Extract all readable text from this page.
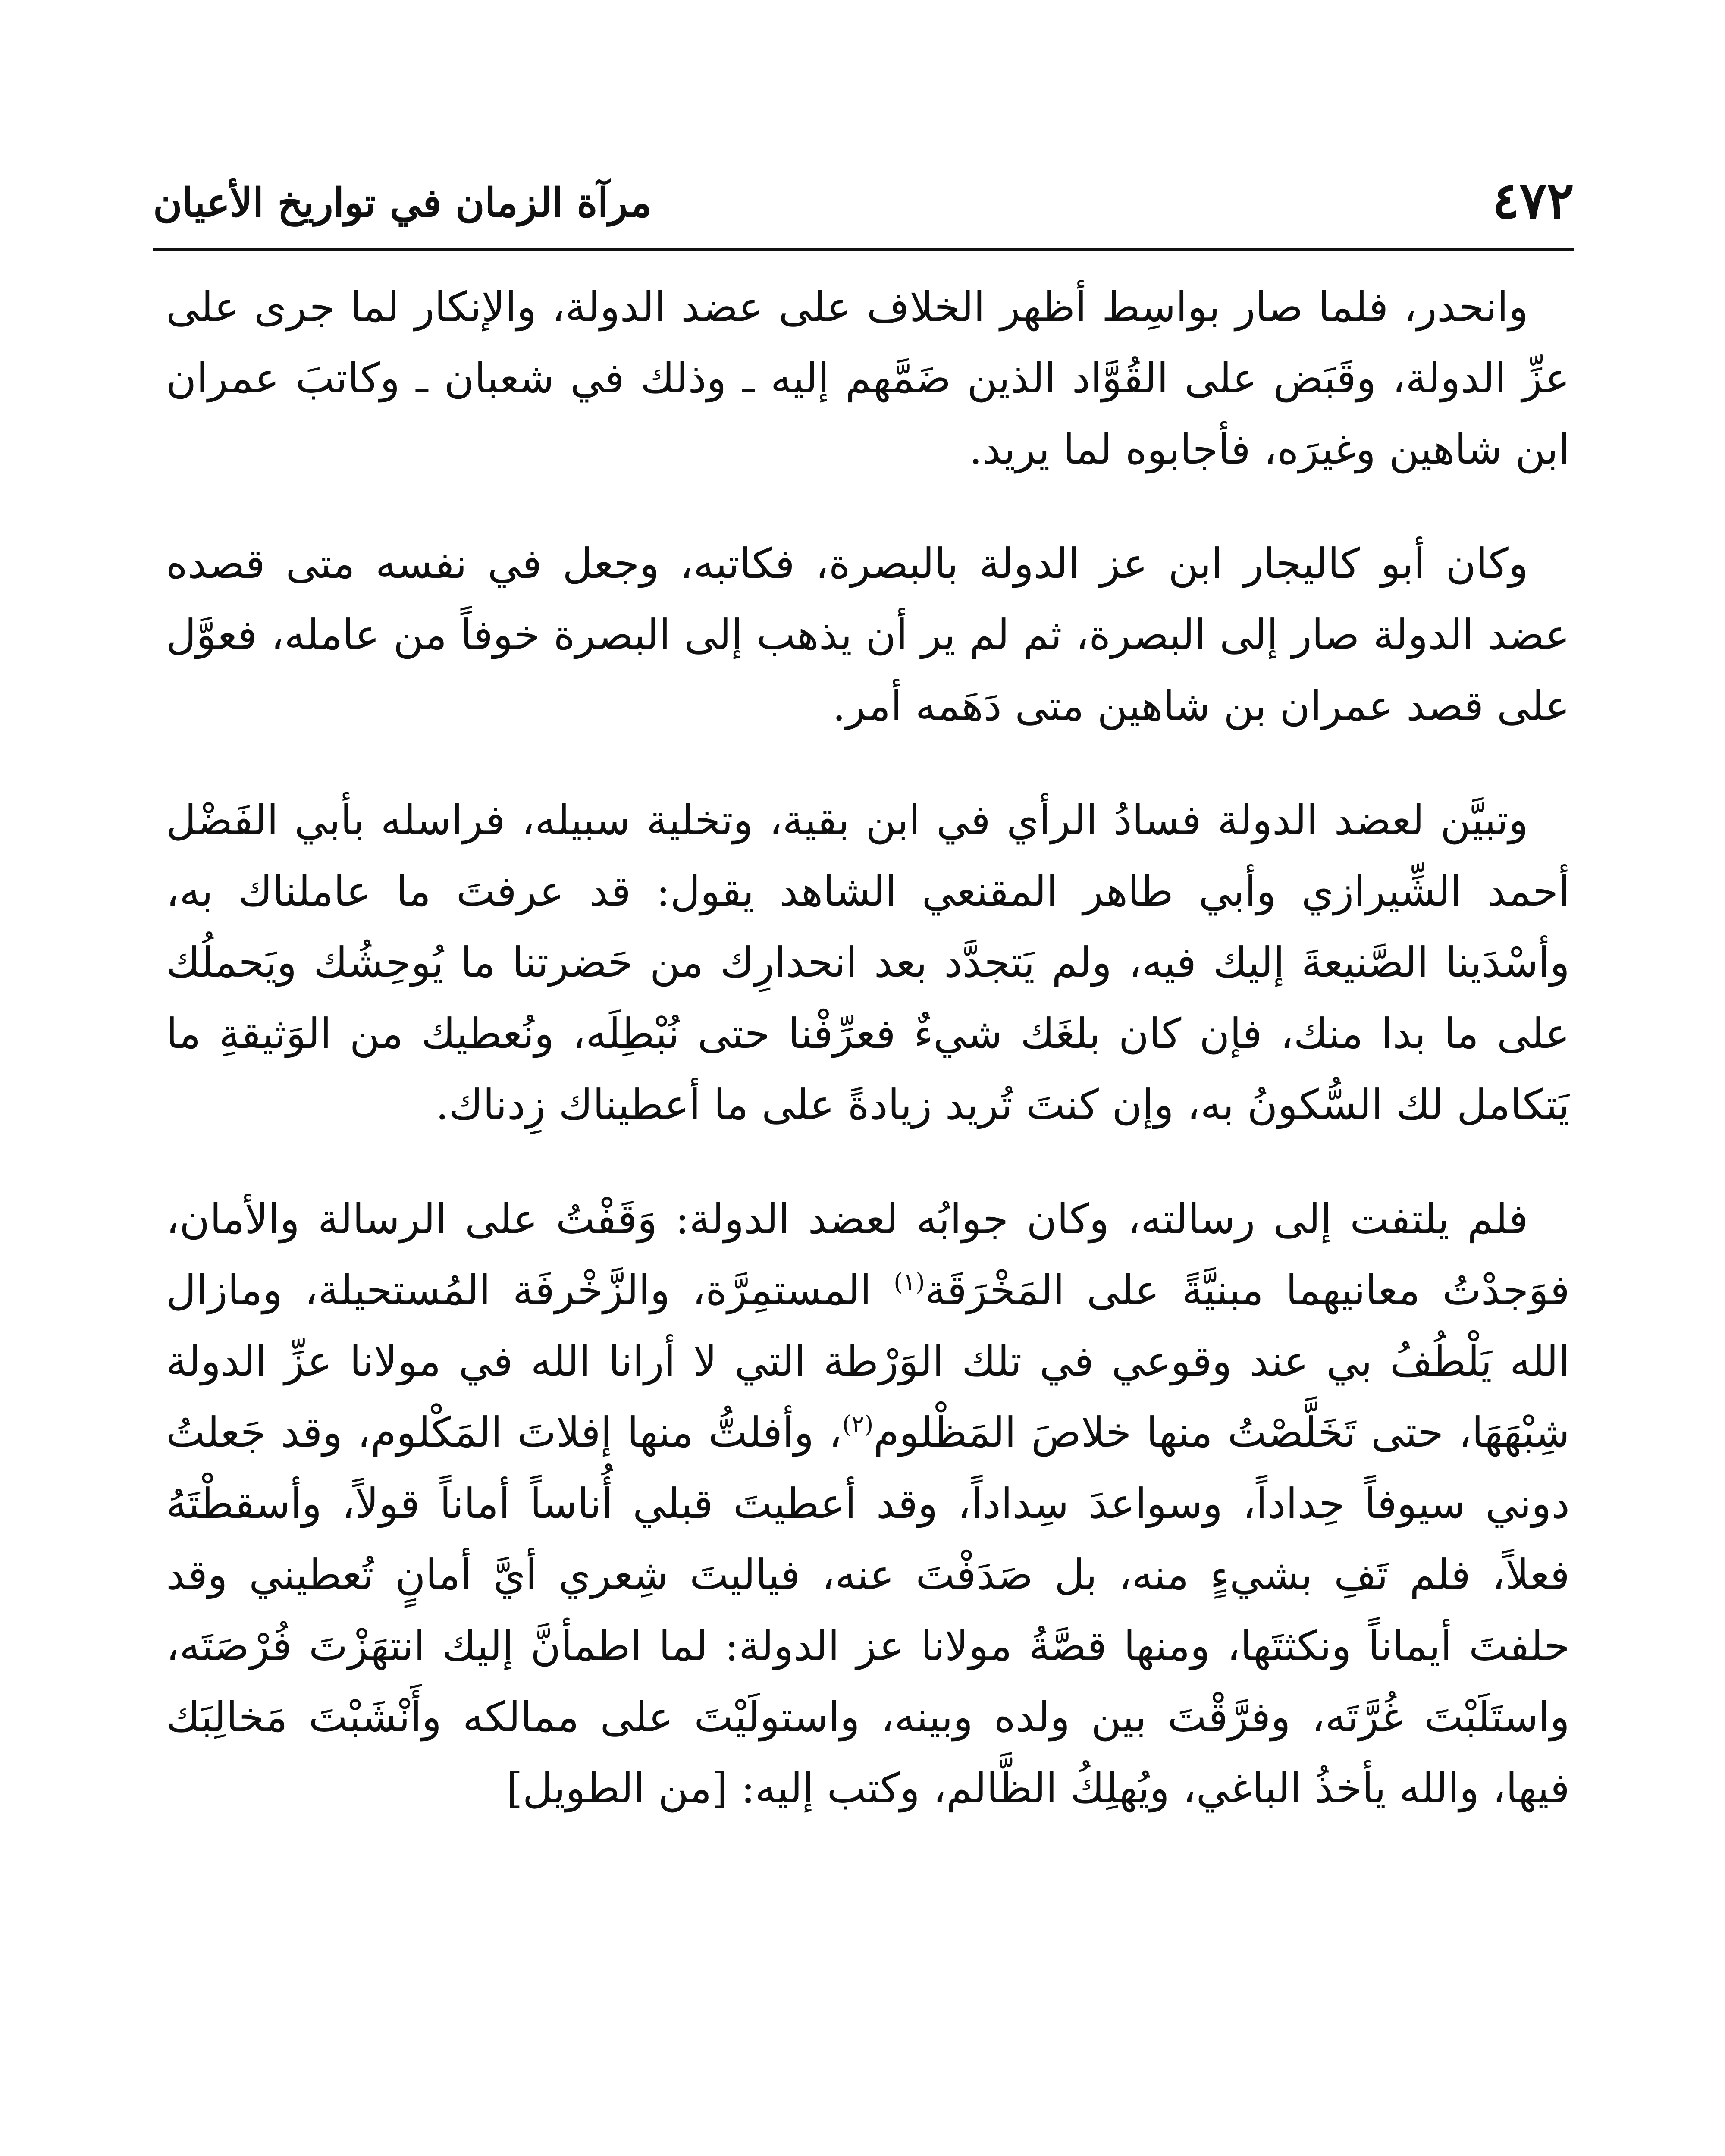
٤٧٢
مرآة الزمان في تواريخ الأعيان

وانحدر، فلما صار بواسِط أظهر الخلاف على عضد الدولة، والإنكار لما جرى على عزِّ الدولة، وقَبَض على القُوَّاد الذين ضَمَّهم إليه ـ وذلك في شعبان ـ وكاتبَ عمران ابن شاهين وغيرَه، فأجابوه لما يريد.

وكان أبو كاليجار ابن عز الدولة بالبصرة، فكاتبه، وجعل في نفسه متى قصده عضد الدولة صار إلى البصرة، ثم لم ير أن يذهب إلى البصرة خوفاً من عامله، فعوَّل على قصد عمران بن شاهين متى دَهَمه أمر.

وتبيَّن لعضد الدولة فسادُ الرأي في ابن بقية، وتخلية سبيله، فراسله بأبي الفَضْل أحمد الشِّيرازي وأبي طاهر المقنعي الشاهد يقول: قد عرفتَ ما عاملناك به، وأسْدَينا الصَّنيعةَ إليك فيه، ولم يَتجدَّد بعد انحدارِك من حَضرتنا ما يُوحِشُك ويَحملُك على ما بدا منك، فإن كان بلغَك شيءٌ فعرِّفْنا حتى نُبْطِلَه، ونُعطيك من الوَثيقةِ ما يَتكامل لك السُّكونُ به، وإن كنتَ تُريد زيادةً على ما أعطيناك زِدناك.

فلم يلتفت إلى رسالته، وكان جوابُه لعضد الدولة: وَقَفْتُ على الرسالة والأمان، فوَجدْتُ معانيهما مبنيَّةً على المَخْرَقَة$^{(١)}$ المستمِرَّة، والزَّخْرفَة المُستحيلة، ومازال الله يَلْطُفُ بي عند وقوعي في تلك الوَرْطة التي لا أرانا الله في مولانا عزِّ الدولة شِبْهَهَا، حتى تَخَلَّصْتُ منها خلاصَ المَظْلوم$^{(٢)}$، وأفلتُّ منها إفلاتَ المَكْلوم، وقد جَعلتُ دوني سيوفاً حِداداً، وسواعدَ سِداداً، وقد أعطيتَ قبلي أُناساً أماناً قولاً، وأسقطْتَهُ فعلاً، فلم تَفِ بشيءٍ منه، بل صَدَفْتَ عنه، فياليتَ شِعري أيَّ أمانٍ تُعطيني وقد حلفتَ أيماناً ونكثتَها، ومنها قصَّةُ مولانا عز الدولة: لما اطمأنَّ إليك انتهَزْتَ فُرْصَتَه، واستَلَبْتَ غُرَّتَه، وفرَّقْتَ بين ولده وبينه، واستولَيْتَ على ممالكه وأَنْشَبْتَ مَخالِبَك فيها، والله يأخذُ الباغي، ويُهلِكُ الظَّالم، وكتب إليه: [من الطويل]
